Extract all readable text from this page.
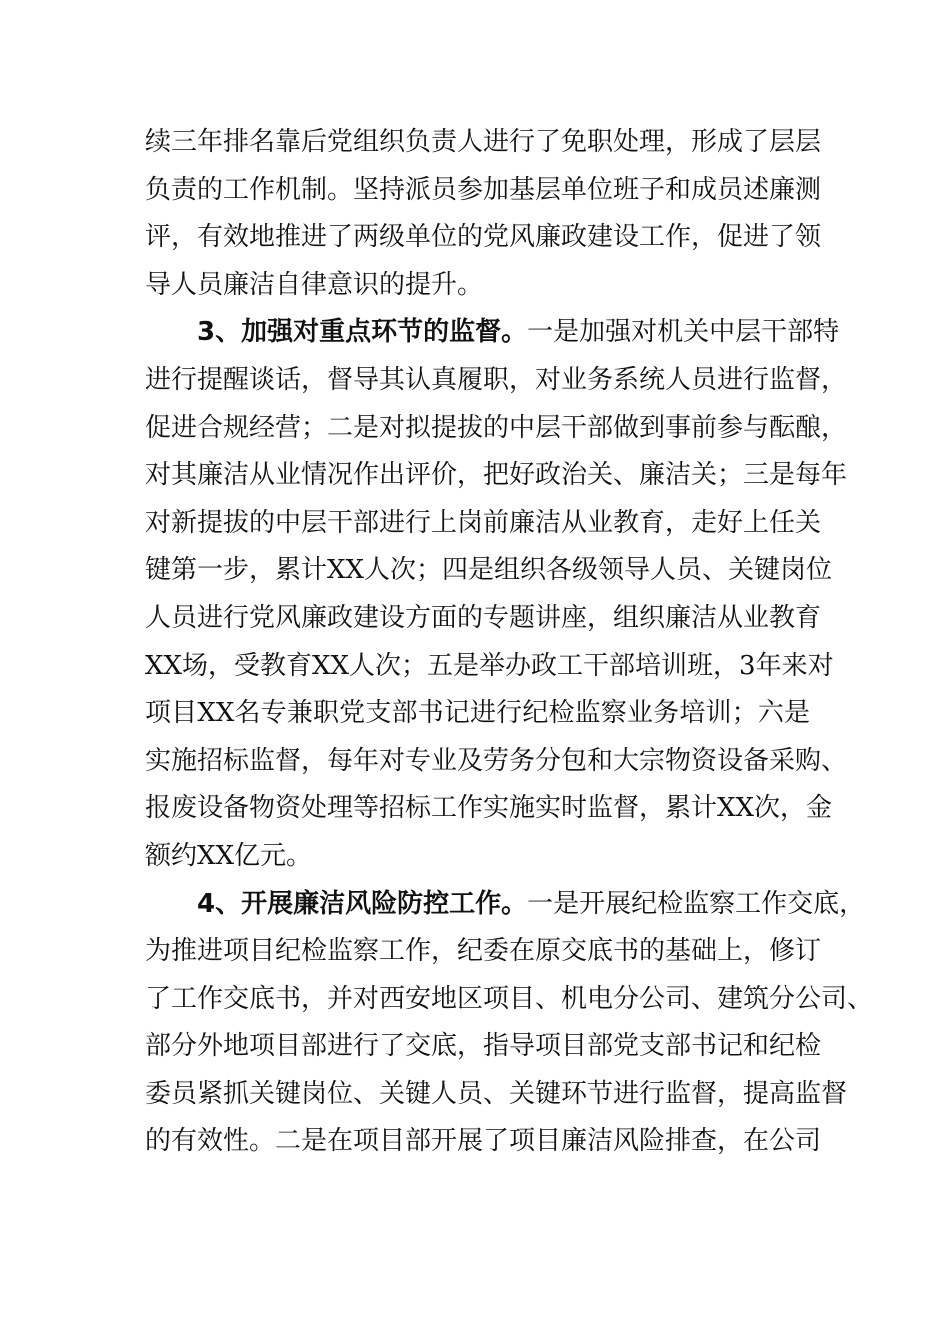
续三年排名靠后党组织负责人进行了免职处理，形成了层层
负责的工作机制。坚持派员参加基层单位班子和成员述廉测
评，有效地推进了两级单位的党风廉政建设工作，促进了领
导人员廉洁自律意识的提升。
3、加强对重点环节的监督。一是加强对机关中层干部特
进行提醒谈话，督导其认真履职，对业务系统人员进行监督，
促进合规经营；二是对拟提拔的中层干部做到事前参与酝酿，
对其廉洁从业情况作出评价，把好政治关、廉洁关；三是每年
对新提拔的中层干部进行上岗前廉洁从业教育，走好上任关
键第一步，累计XX人次；四是组织各级领导人员、关键岗位
人员进行党风廉政建设方面的专题讲座，组织廉洁从业教育
XX场，受教育XX人次；五是举办政工干部培训班，3年来对
项目XX名专兼职党支部书记进行纪检监察业务培训；六是
实施招标监督，每年对专业及劳务分包和大宗物资设备采购、
报废设备物资处理等招标工作实施实时监督，累计XX次，金
额约XX亿元。
4、开展廉洁风险防控工作。一是开展纪检监察工作交底，
为推进项目纪检监察工作，纪委在原交底书的基础上，修订
了工作交底书，并对西安地区项目、机电分公司、建筑分公司、
部分外地项目部进行了交底，指导项目部党支部书记和纪检
委员紧抓关键岗位、关键人员、关键环节进行监督，提高监督
的有效性。二是在项目部开展了项目廉洁风险排查，在公司
